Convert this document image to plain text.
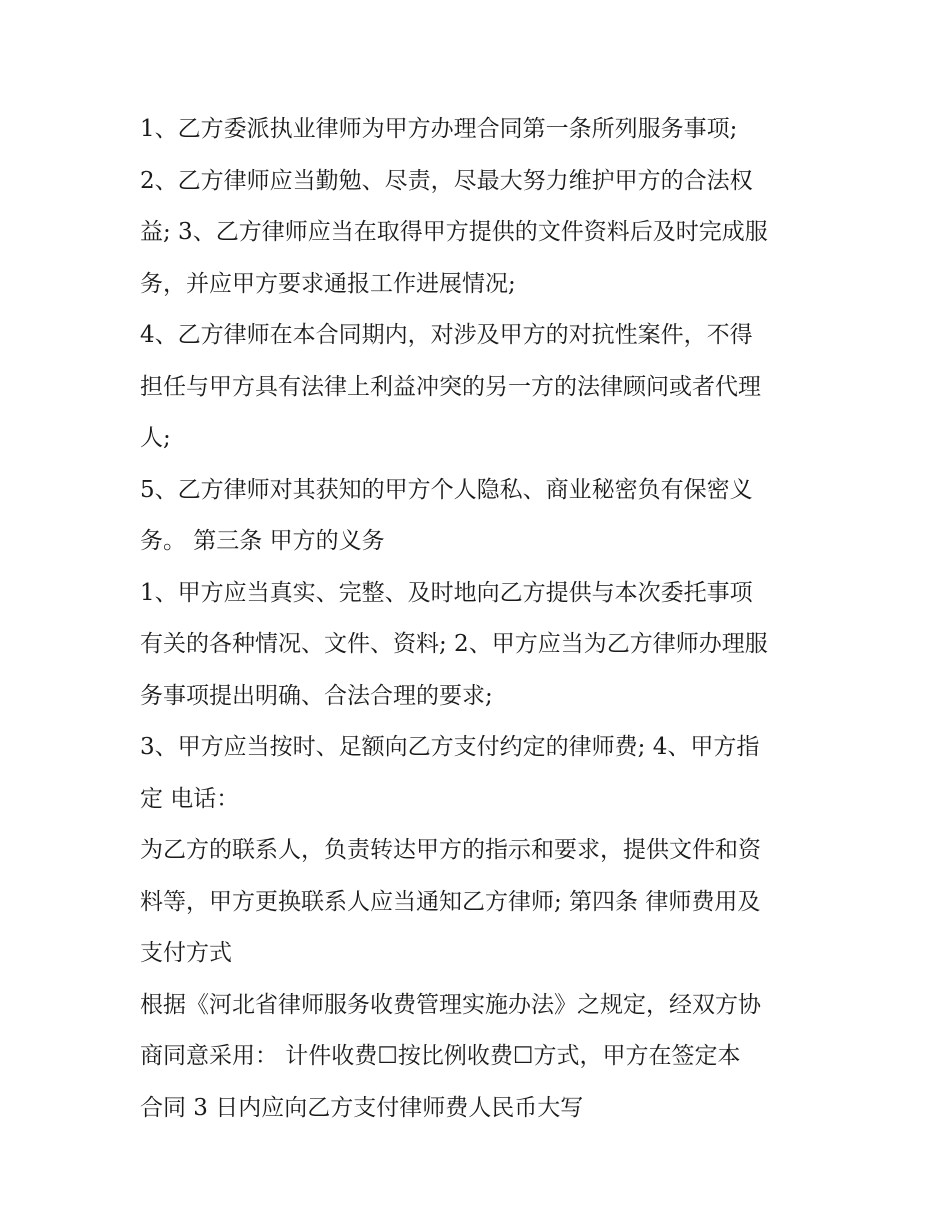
1、乙方委派执业律师为甲方办理合同第一条所列服务事项;
2、乙方律师应当勤勉、尽责，尽最大努力维护甲方的合法权
益; 3、乙方律师应当在取得甲方提供的文件资料后及时完成服
务，并应甲方要求通报工作进展情况;
4、乙方律师在本合同期内，对涉及甲方的对抗性案件，不得
担任与甲方具有法律上利益冲突的另一方的法律顾问或者代理
人;
5、乙方律师对其获知的甲方个人隐私、商业秘密负有保密义
务。 第三条 甲方的义务
1、甲方应当真实、完整、及时地向乙方提供与本次委托事项
有关的各种情况、文件、资料; 2、甲方应当为乙方律师办理服
务事项提出明确、合法合理的要求;
3、甲方应当按时、足额向乙方支付约定的律师费; 4、甲方指
定 电话：
为乙方的联系人，负责转达甲方的指示和要求，提供文件和资
料等，甲方更换联系人应当通知乙方律师; 第四条 律师费用及
支付方式
根据《河北省律师服务收费管理实施办法》之规定，经双方协
商同意采用： 计件收费☐按比例收费☐方式，甲方在签定本
合同 3 日内应向乙方支付律师费人民币大写
